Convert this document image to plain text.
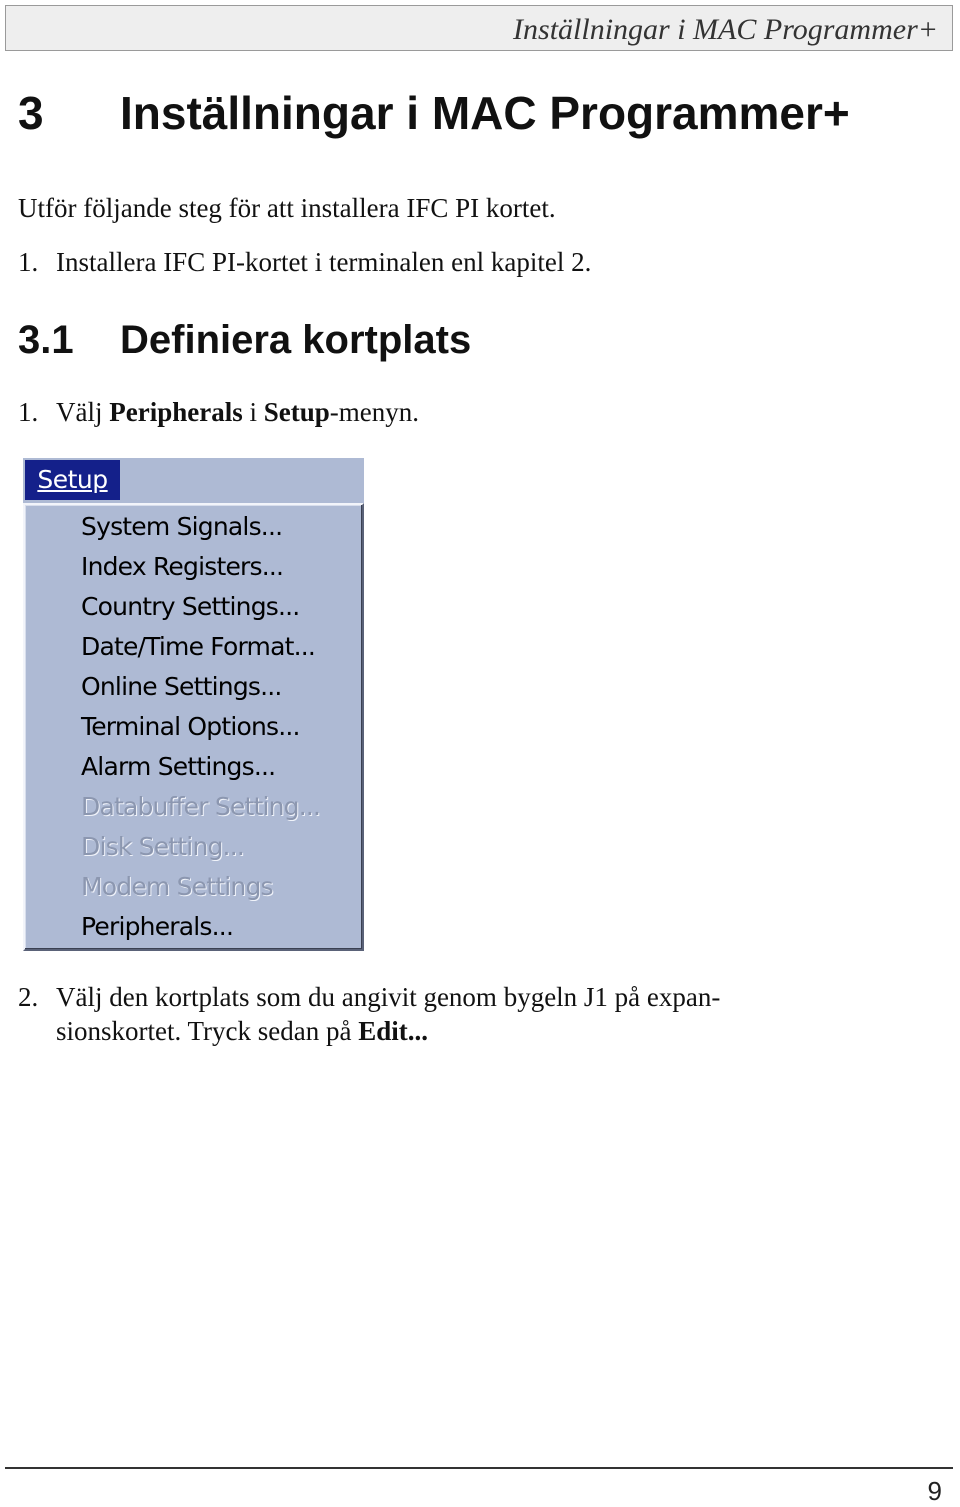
Inställningar i MAC Programmer+
3 Inställningar i MAC Programmer+
Utför följande steg för att installera IFC PI kortet.
1. Installera IFC PI-kortet i terminalen enl kapitel 2.
3.1 Definiera kortplats
1. Välj Peripherals i Setup-menyn.
Setup
System Signals...
Index Registers...
Country Settings...
Date/Time Format...
Online Settings...
Terminal Options...
Alarm Settings...
Databuffer Setting...
Disk Setting...
Modem Settings
Peripherals...
2. Välj den kortplats som du angivit genom bygeln J1 på expan-
sionskortet. Tryck sedan på Edit...
9
